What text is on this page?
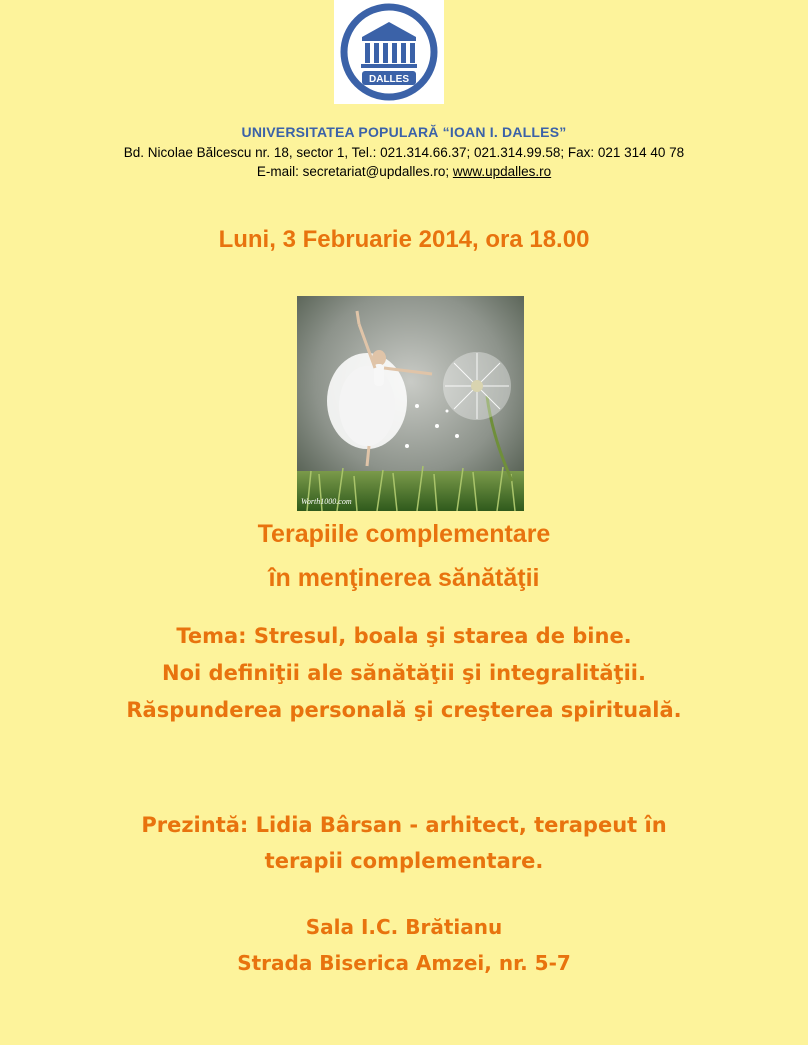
DALLES
UNIVERSITATEA POPULARĂ “IOAN I. DALLES”
Bd. Nicolae Bălcescu nr. 18, sector 1, Tel.: 021.314.66.37; 021.314.99.58; Fax: 021 314 40 78
E-mail: secretariat@updalles.ro; www.updalles.ro
Luni, 3 Februarie 2014, ora 18.00
Worth1000.com
Terapiile complementare
în menţinerea sănătăţii
Tema: Stresul, boala şi starea de bine.
Noi definiţii ale sănătăţii şi integralităţii.
Răspunderea personală şi creşterea spirituală.
Prezintă: Lidia Bârsan - arhitect, terapeut în
terapii complementare.
Sala I.C. Brătianu
Strada Biserica Amzei, nr. 5-7
